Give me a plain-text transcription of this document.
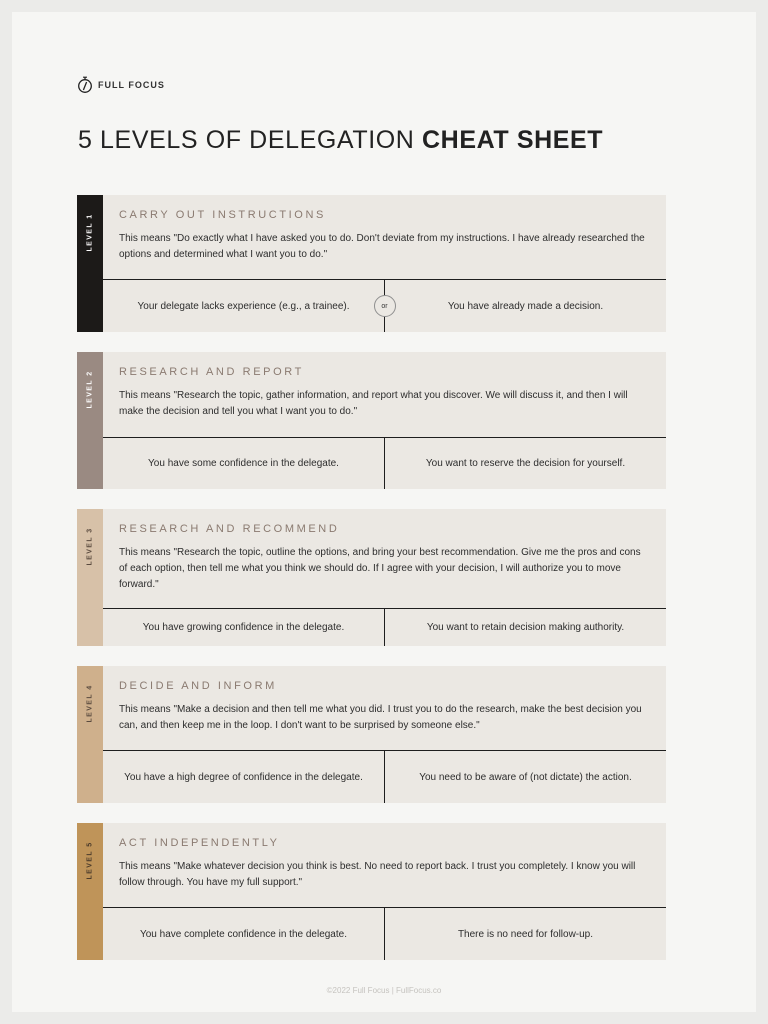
FULL FOCUS
5 LEVELS OF DELEGATION CHEAT SHEET
LEVEL 1 CARRY OUT INSTRUCTIONS

This means "Do exactly what I have asked you to do. Don't deviate from my instructions. I have already researched the options and determined what I want you to do."

Your delegate lacks experience (e.g., a trainee).	You have already made a decision.
or
LEVEL 2 RESEARCH AND REPORT

This means "Research the topic, gather information, and report what you discover. We will discuss it, and then I will make the decision and tell you what I want you to do."

You have some confidence in the delegate.	You want to reserve the decision for yourself.
LEVEL 3 RESEARCH AND RECOMMEND

This means "Research the topic, outline the options, and bring your best recommendation. Give me the pros and cons of each option, then tell me what you think we should do. If I agree with your decision, I will authorize you to move forward."

You have growing confidence in the delegate.	You want to retain decision making authority.
LEVEL 4 DECIDE AND INFORM

This means "Make a decision and then tell me what you did. I trust you to do the research, make the best decision you can, and then keep me in the loop. I don't want to be surprised by someone else."

You have a high degree of confidence in the delegate.	You need to be aware of (not dictate) the action.
LEVEL 5 ACT INDEPENDENTLY

This means "Make whatever decision you think is best. No need to report back. I trust you completely. I know you will follow through. You have my full support."

You have complete confidence in the delegate.	There is no need for follow-up.
©2022 Full Focus | FullFocus.co
